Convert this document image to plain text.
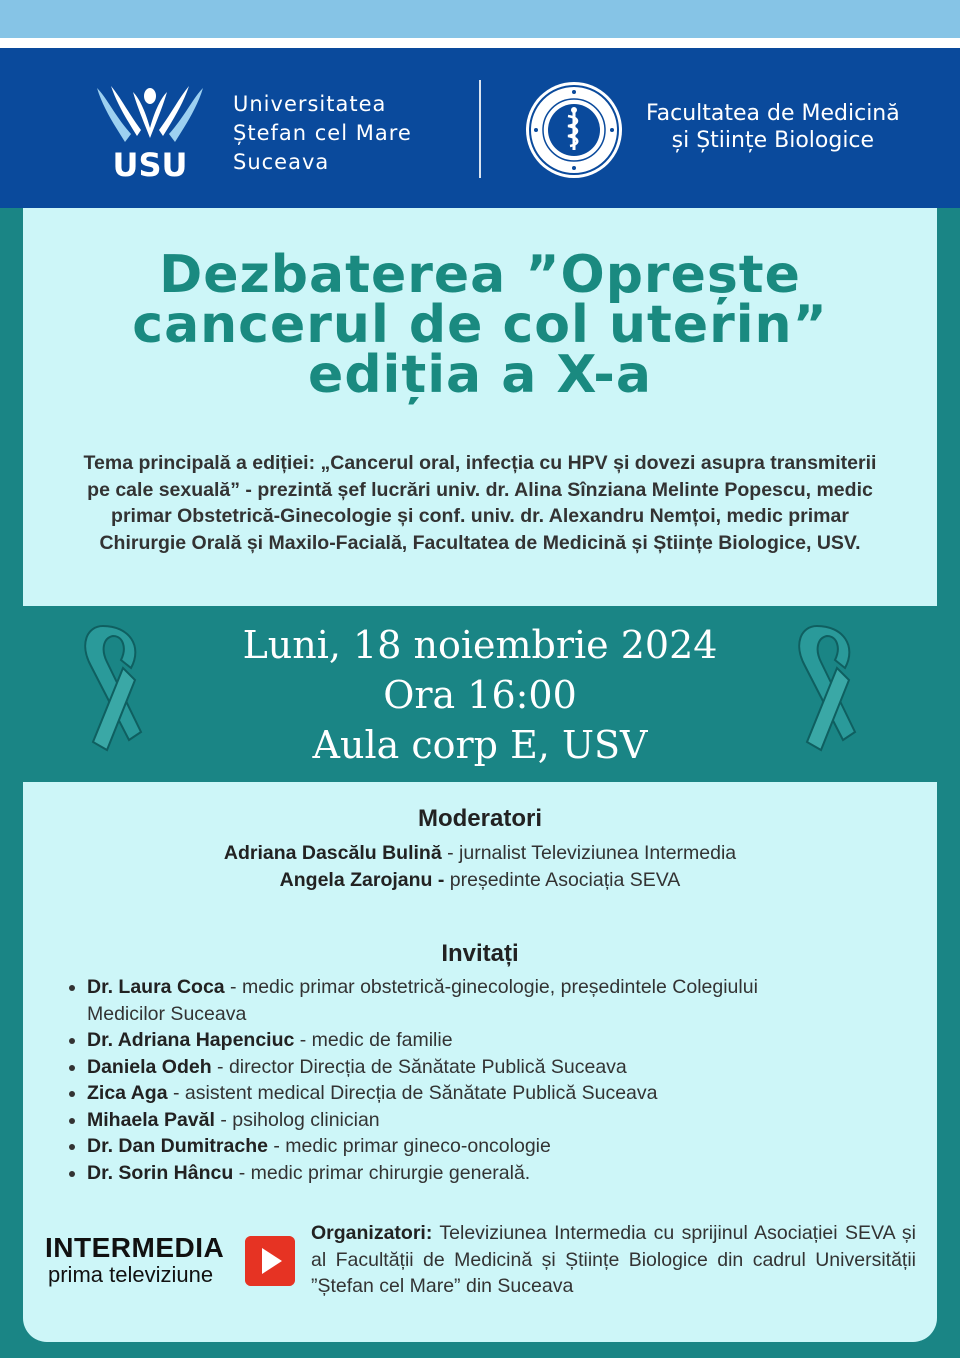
USU
Universitatea
Ștefan cel Mare
Suceava
Facultatea de Medicină
și Științe Biologice
Dezbaterea ”Oprește
cancerul de col uterin”
ediția a X-a
Tema principală a ediției: „Cancerul oral, infecția cu HPV și dovezi asupra transmiterii pe cale sexuală” - prezintă șef lucrări univ. dr. Alina Sînziana Melinte Popescu, medic primar Obstetrică-Ginecologie și conf. univ. dr. Alexandru Nemțoi, medic primar Chirurgie Orală și Maxilo-Facială, Facultatea de Medicină și Științe Biologice, USV.
Luni, 18 noiembrie 2024
Ora 16:00
Aula corp E, USV
Moderatori
Adriana Dascălu Bulină - jurnalist Televiziunea Intermedia
Angela Zarojanu - președinte Asociația SEVA
Invitați
• Dr. Laura Coca - medic primar obstetrică-ginecologie, președintele Colegiului Medicilor Suceava
• Dr. Adriana Hapenciuc - medic de familie
• Daniela Odeh - director Direcția de Sănătate Publică Suceava
• Zica Aga - asistent medical Direcția de Sănătate Publică Suceava
• Mihaela Pavăl - psiholog clinician
• Dr. Dan Dumitrache - medic primar gineco-oncologie
• Dr. Sorin Hâncu - medic primar chirurgie generală.
INTERMEDIA
prima televiziune
Organizatori: Televiziunea Intermedia cu sprijinul Asociației SEVA și al Facultății de Medicină și Științe Biologice din cadrul Universității ”Ștefan cel Mare” din Suceava
